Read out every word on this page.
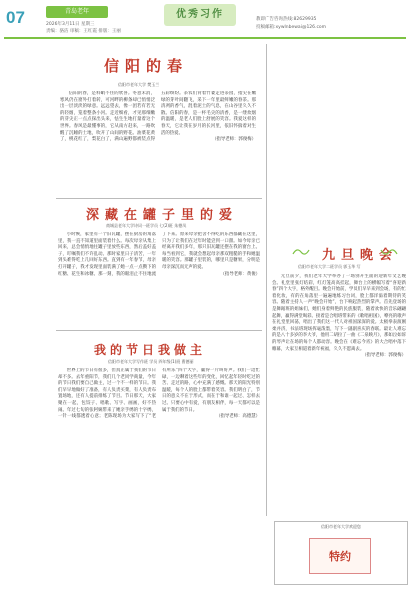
07	青岛老年
2026年3月11日 星期三
责编：骆洁 审稿：王红霞 排版：王丽
优秀习作	教即广告咨询热线:82629935
投稿邮箱:xywlnbewai@126.com
信阳的春
信阳市老年大学 樊玉兰

信阳的春，是料峭不住的欣喜。冬意未消，寒风仍在窗外打着转，可河畔的柳条却已悄悄泛出一层淡淡的绿意。远远望去，像一团若有若无的轻烟，笼着整条小河。走近细看，才见那细嫩的芽尖正一点点探出头来，怯生生地打量着这个世界。春风是最懂事的，它从南方赶来，一路吹醒了沉睡的土地，吹开了山间的野花。油菜花黄了，桃花红了，梨花白了，满山遍野都被装点得五彩缤纷。茶农们背着竹篓走进茶园，指尖在嫩绿的芽叶间翻飞，采下一年里最鲜嫩的春茶。那清冽的香气，混着泥土的气息，在山谷里久久不散。信阳的春，是一杯毛尖的清香，是一缕炊烟的温暖，是老人们脸上舒展的笑容。我爱这样的春天，它让我在岁月的长河里，依旧怀揣着对生活的热爱。

（指导老师：郭俊梅）

深藏在罐子里的爱
商城县老年大学诗词一班学员 七(2)班 朱德凤

小时候，家里有一个旧瓦罐，摆在厨房的角落里，我一直不知道里面装着什么。每次母亲从集上回来，总会悄悄地往罐子里放些东西，然后盖好盖子，叮嘱我们不许乱动。那时家里日子清苦，一年到头难得吃上几回好东西。直到有一年春节，母亲打开罐子，我才发现里面装满了她一点一点攒下的红糖、花生和冰糖。那一刻，我的眼泪止不住地流了下来。原来母亲把舍不得吃的东西都藏在这里，只为了让我们在过年时能尝到一口甜。如今母亲已经离开我们多年，那只旧瓦罐还摆在我的窗台上。每当看到它，我就会想起母亲那双粗糙的手和她温暖的笑容。那罐子里装的，哪里只是糖果，分明是母亲深沉而无声的爱。

（指导老师：黄俊）

我的节日我做主
信阳市老年大学写作班 学员 四年级(1)班 曹德丽

世界上的节日有很多，但真正属于我们的节日却不多。去年重阳节，我们几个老同学商量，今年的节日我们要自己做主，过一个不一样的节日。我们早早地做好了准备，有人负责买菜，有人负责布置场地，还有人提前排练了节目。节日那天，大家聚在一起，包饺子、唱歌、写字、画画，好不热闹。年过七旬的张阿姨带来了她亲手绣的十字绣，一针一线都透着心意；老陈现场为大家写下了“老有所乐”四个大字，赢得一片叫好声。我们一边忙碌，一边聊着这些年的变化，回忆起年轻时吃过的苦、走过的路，心中充满了感慨。那天的阳光特别温暖，每个人的脸上都带着笑容。我们明白了，节日的意义不在于形式，而在于和谁一起过、怎样去过。只要心中有爱，有朋友相伴，每一天都可以是属于我们的节日。

（指导老师：高德慧）

九旦晚会
信阳市老年大学二班学员 郭玉华 写

元旦前夕，我们老年大学举办了一场别开生面的迎新年文艺晚会。礼堂里张灯结彩，红灯笼高高挂起，舞台上的横幅写着“喜迎新春”四个大字，格外醒目。晚会开始前，学员们早早来到会场，有的忙着化妆，有的在角落里一遍遍地练习台词，脸上都洋溢着期待的笑容。随着主持人一声“晚会开始”，台下响起热烈的掌声。首先登场的是舞蹈班的姐妹们，她们身着鲜艳的民族服装，随着欢快的音乐翩翩起舞，赢得满堂喝彩。接着是合唱班带来的《歌唱祖国》，嘹亮的歌声在礼堂里回荡，唱出了我们这一代人对祖国深深的爱。太极拳表演刚柔并济，书法班现场挥毫泼墨，写下一副副喜庆的春联。最让人难忘的是八十多岁的李大爷，他用二胡拉了一曲《二泉映月》，那如泣如诉的琴声让在场的每个人都动容。晚会在《难忘今宵》的大合唱中落下帷幕，大家互相道着新年祝福，久久不愿离去。

（指导老师：郭俊梅）

信阳市老年大学欢迎您
特约
